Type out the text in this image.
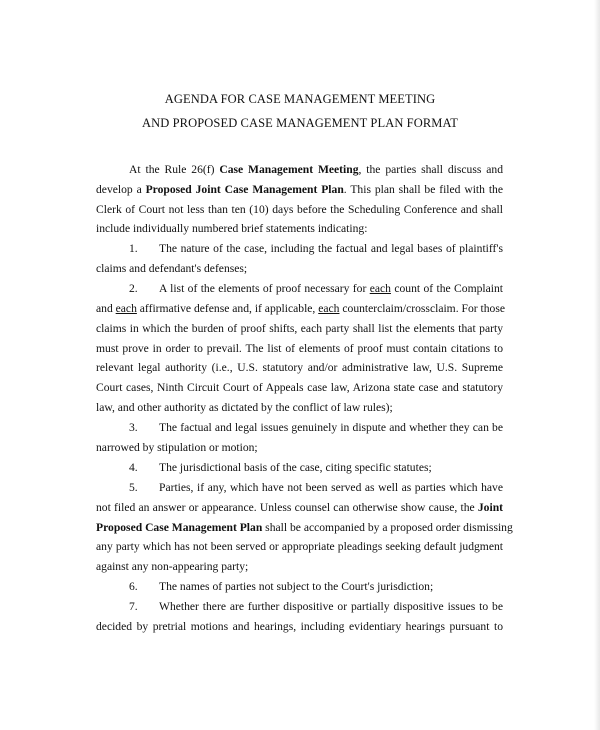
AGENDA FOR CASE MANAGEMENT MEETING
AND PROPOSED CASE MANAGEMENT PLAN FORMAT
At the Rule 26(f) Case Management Meeting, the parties shall discuss and
develop a Proposed Joint Case Management Plan. This plan shall be filed with the
Clerk of Court not less than ten (10) days before the Scheduling Conference and shall
include individually numbered brief statements indicating:
1. The nature of the case, including the factual and legal bases of plaintiff's
claims and defendant's defenses;
2. A list of the elements of proof necessary for each count of the Complaint
and each affirmative defense and, if applicable, each counterclaim/crossclaim. For those
claims in which the burden of proof shifts, each party shall list the elements that party
must prove in order to prevail. The list of elements of proof must contain citations to
relevant legal authority (i.e., U.S. statutory and/or administrative law, U.S. Supreme
Court cases, Ninth Circuit Court of Appeals case law, Arizona state case and statutory
law, and other authority as dictated by the conflict of law rules);
3. The factual and legal issues genuinely in dispute and whether they can be
narrowed by stipulation or motion;
4. The jurisdictional basis of the case, citing specific statutes;
5. Parties, if any, which have not been served as well as parties which have
not filed an answer or appearance. Unless counsel can otherwise show cause, the Joint
Proposed Case Management Plan shall be accompanied by a proposed order dismissing
any party which has not been served or appropriate pleadings seeking default judgment
against any non-appearing party;
6. The names of parties not subject to the Court's jurisdiction;
7. Whether there are further dispositive or partially dispositive issues to be
decided by pretrial motions and hearings, including evidentiary hearings pursuant to
